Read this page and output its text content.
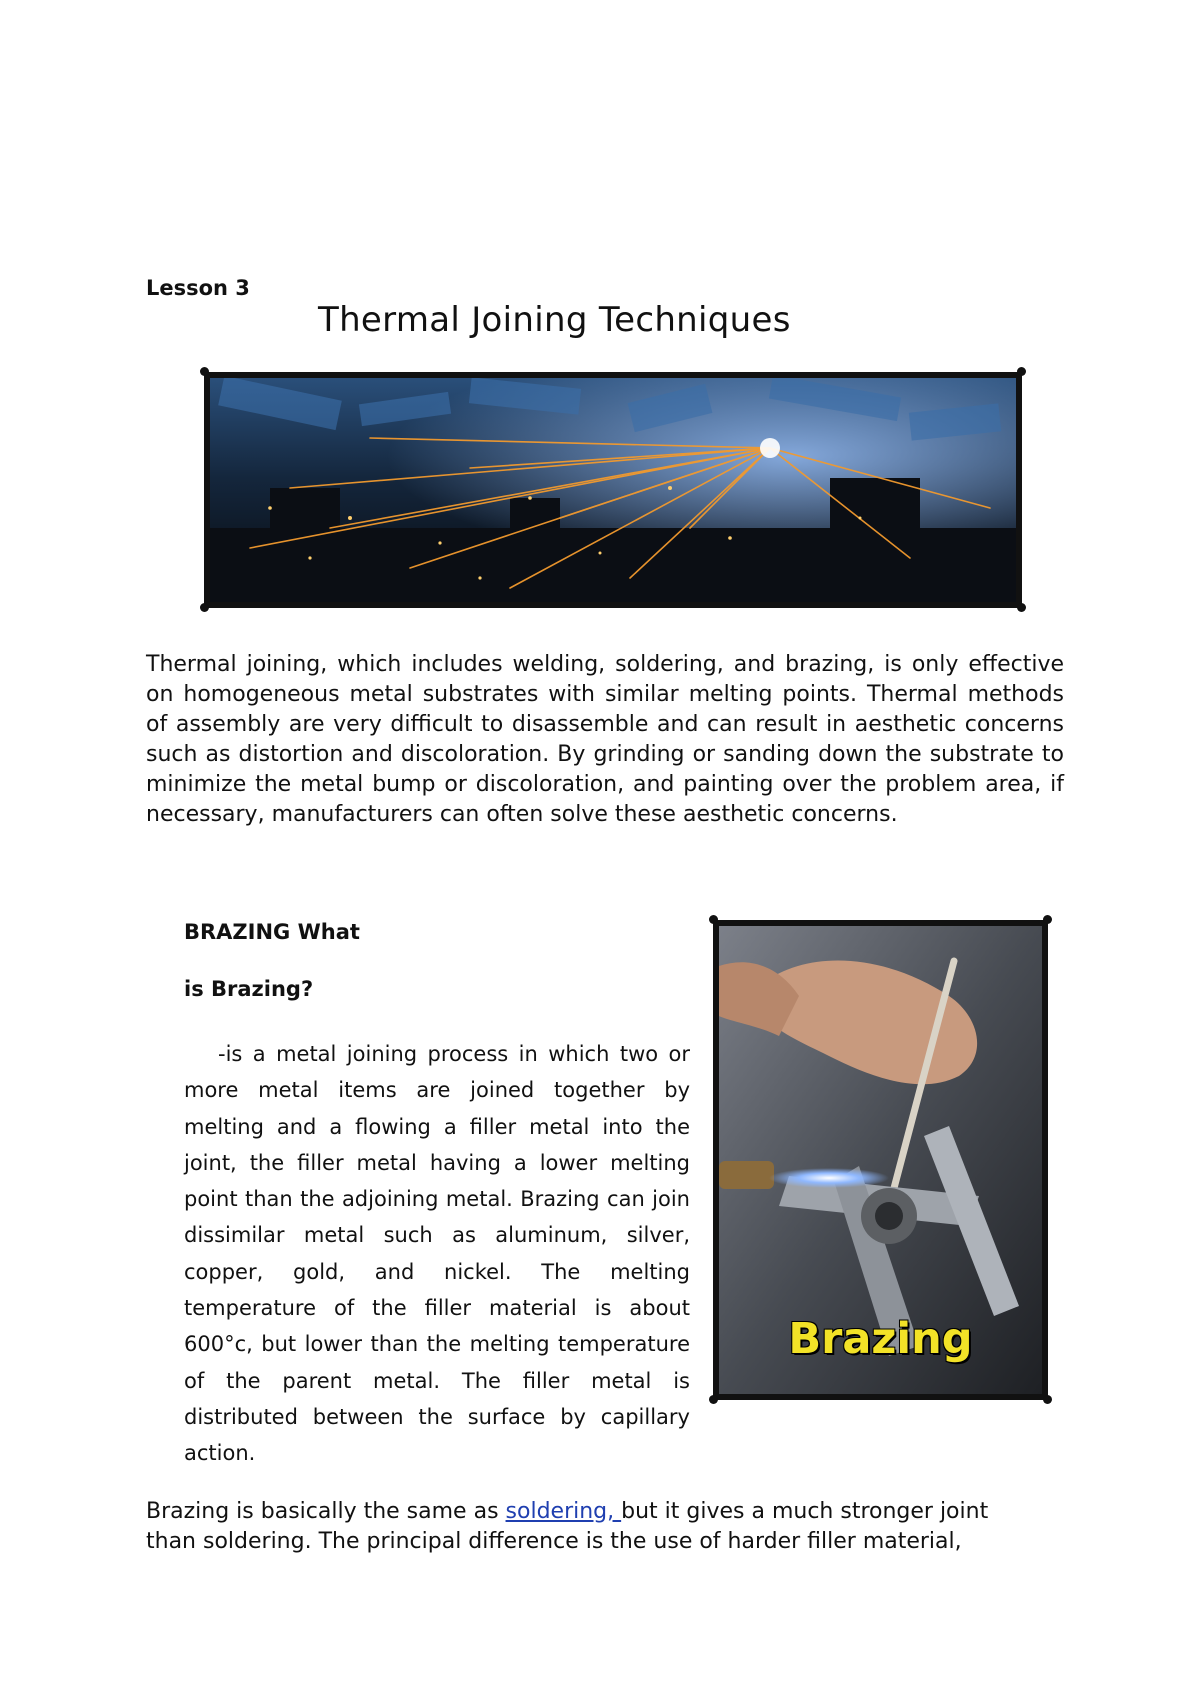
Lesson 3
Thermal Joining Techniques

Thermal joining, which includes welding, soldering, and brazing, is only effective on homogeneous metal substrates with similar melting points. Thermal methods of assembly are very difficult to disassemble and can result in aesthetic concerns such as distortion and discoloration. By grinding or sanding down the substrate to minimize the metal bump or discoloration, and painting over the problem area, if necessary, manufacturers can often solve these aesthetic concerns.

BRAZING What

is Brazing?

-is a metal joining process in which two or more metal items are joined together by melting and a flowing a filler metal into the joint, the filler metal having a lower melting point than the adjoining metal. Brazing can join dissimilar metal such as aluminum, silver, copper, gold, and nickel. The melting temperature of the filler material is about 600°c, but lower than the melting temperature of the parent metal. The filler metal is distributed between the surface by capillary action.

Brazing

Brazing is basically the same as soldering, but it gives a much stronger joint than soldering. The principal difference is the use of harder filler material,
